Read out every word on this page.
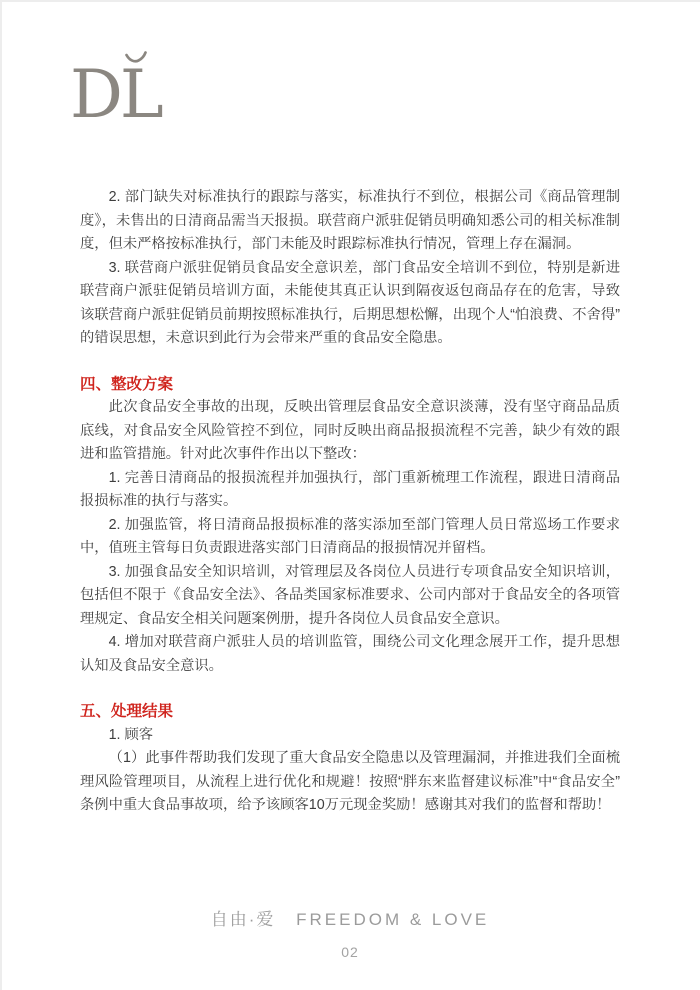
DL

2. 部门缺失对标准执行的跟踪与落实，标准执行不到位，根据公司《商品管理制度》，未售出的日清商品需当天报损。联营商户派驻促销员明确知悉公司的相关标准制度，但未严格按标准执行，部门未能及时跟踪标准执行情况，管理上存在漏洞。

3. 联营商户派驻促销员食品安全意识差，部门食品安全培训不到位，特别是新进联营商户派驻促销员培训方面，未能使其真正认识到隔夜返包商品存在的危害，导致该联营商户派驻促销员前期按照标准执行，后期思想松懈，出现个人“怕浪费、不舍得”的错误思想，未意识到此行为会带来严重的食品安全隐患。

四、整改方案

此次食品安全事故的出现，反映出管理层食品安全意识淡薄，没有坚守商品品质底线，对食品安全风险管控不到位，同时反映出商品报损流程不完善，缺少有效的跟进和监管措施。针对此次事件作出以下整改：

1. 完善日清商品的报损流程并加强执行，部门重新梳理工作流程，跟进日清商品报损标准的执行与落实。

2. 加强监管，将日清商品报损标准的落实添加至部门管理人员日常巡场工作要求中，值班主管每日负责跟进落实部门日清商品的报损情况并留档。

3. 加强食品安全知识培训，对管理层及各岗位人员进行专项食品安全知识培训，包括但不限于《食品安全法》、各品类国家标准要求、公司内部对于食品安全的各项管理规定、食品安全相关问题案例册，提升各岗位人员食品安全意识。

4. 增加对联营商户派驻人员的培训监管，围绕公司文化理念展开工作，提升思想认知及食品安全意识。

五、处理结果

1. 顾客

（1）此事件帮助我们发现了重大食品安全隐患以及管理漏洞，并推进我们全面梳理风险管理项目，从流程上进行优化和规避！按照“胖东来监督建议标准”中“食品安全”条例中重大食品事故项，给予该顾客10万元现金奖励！感谢其对我们的监督和帮助！

自由·爱 FREEDOM & LOVE
02
